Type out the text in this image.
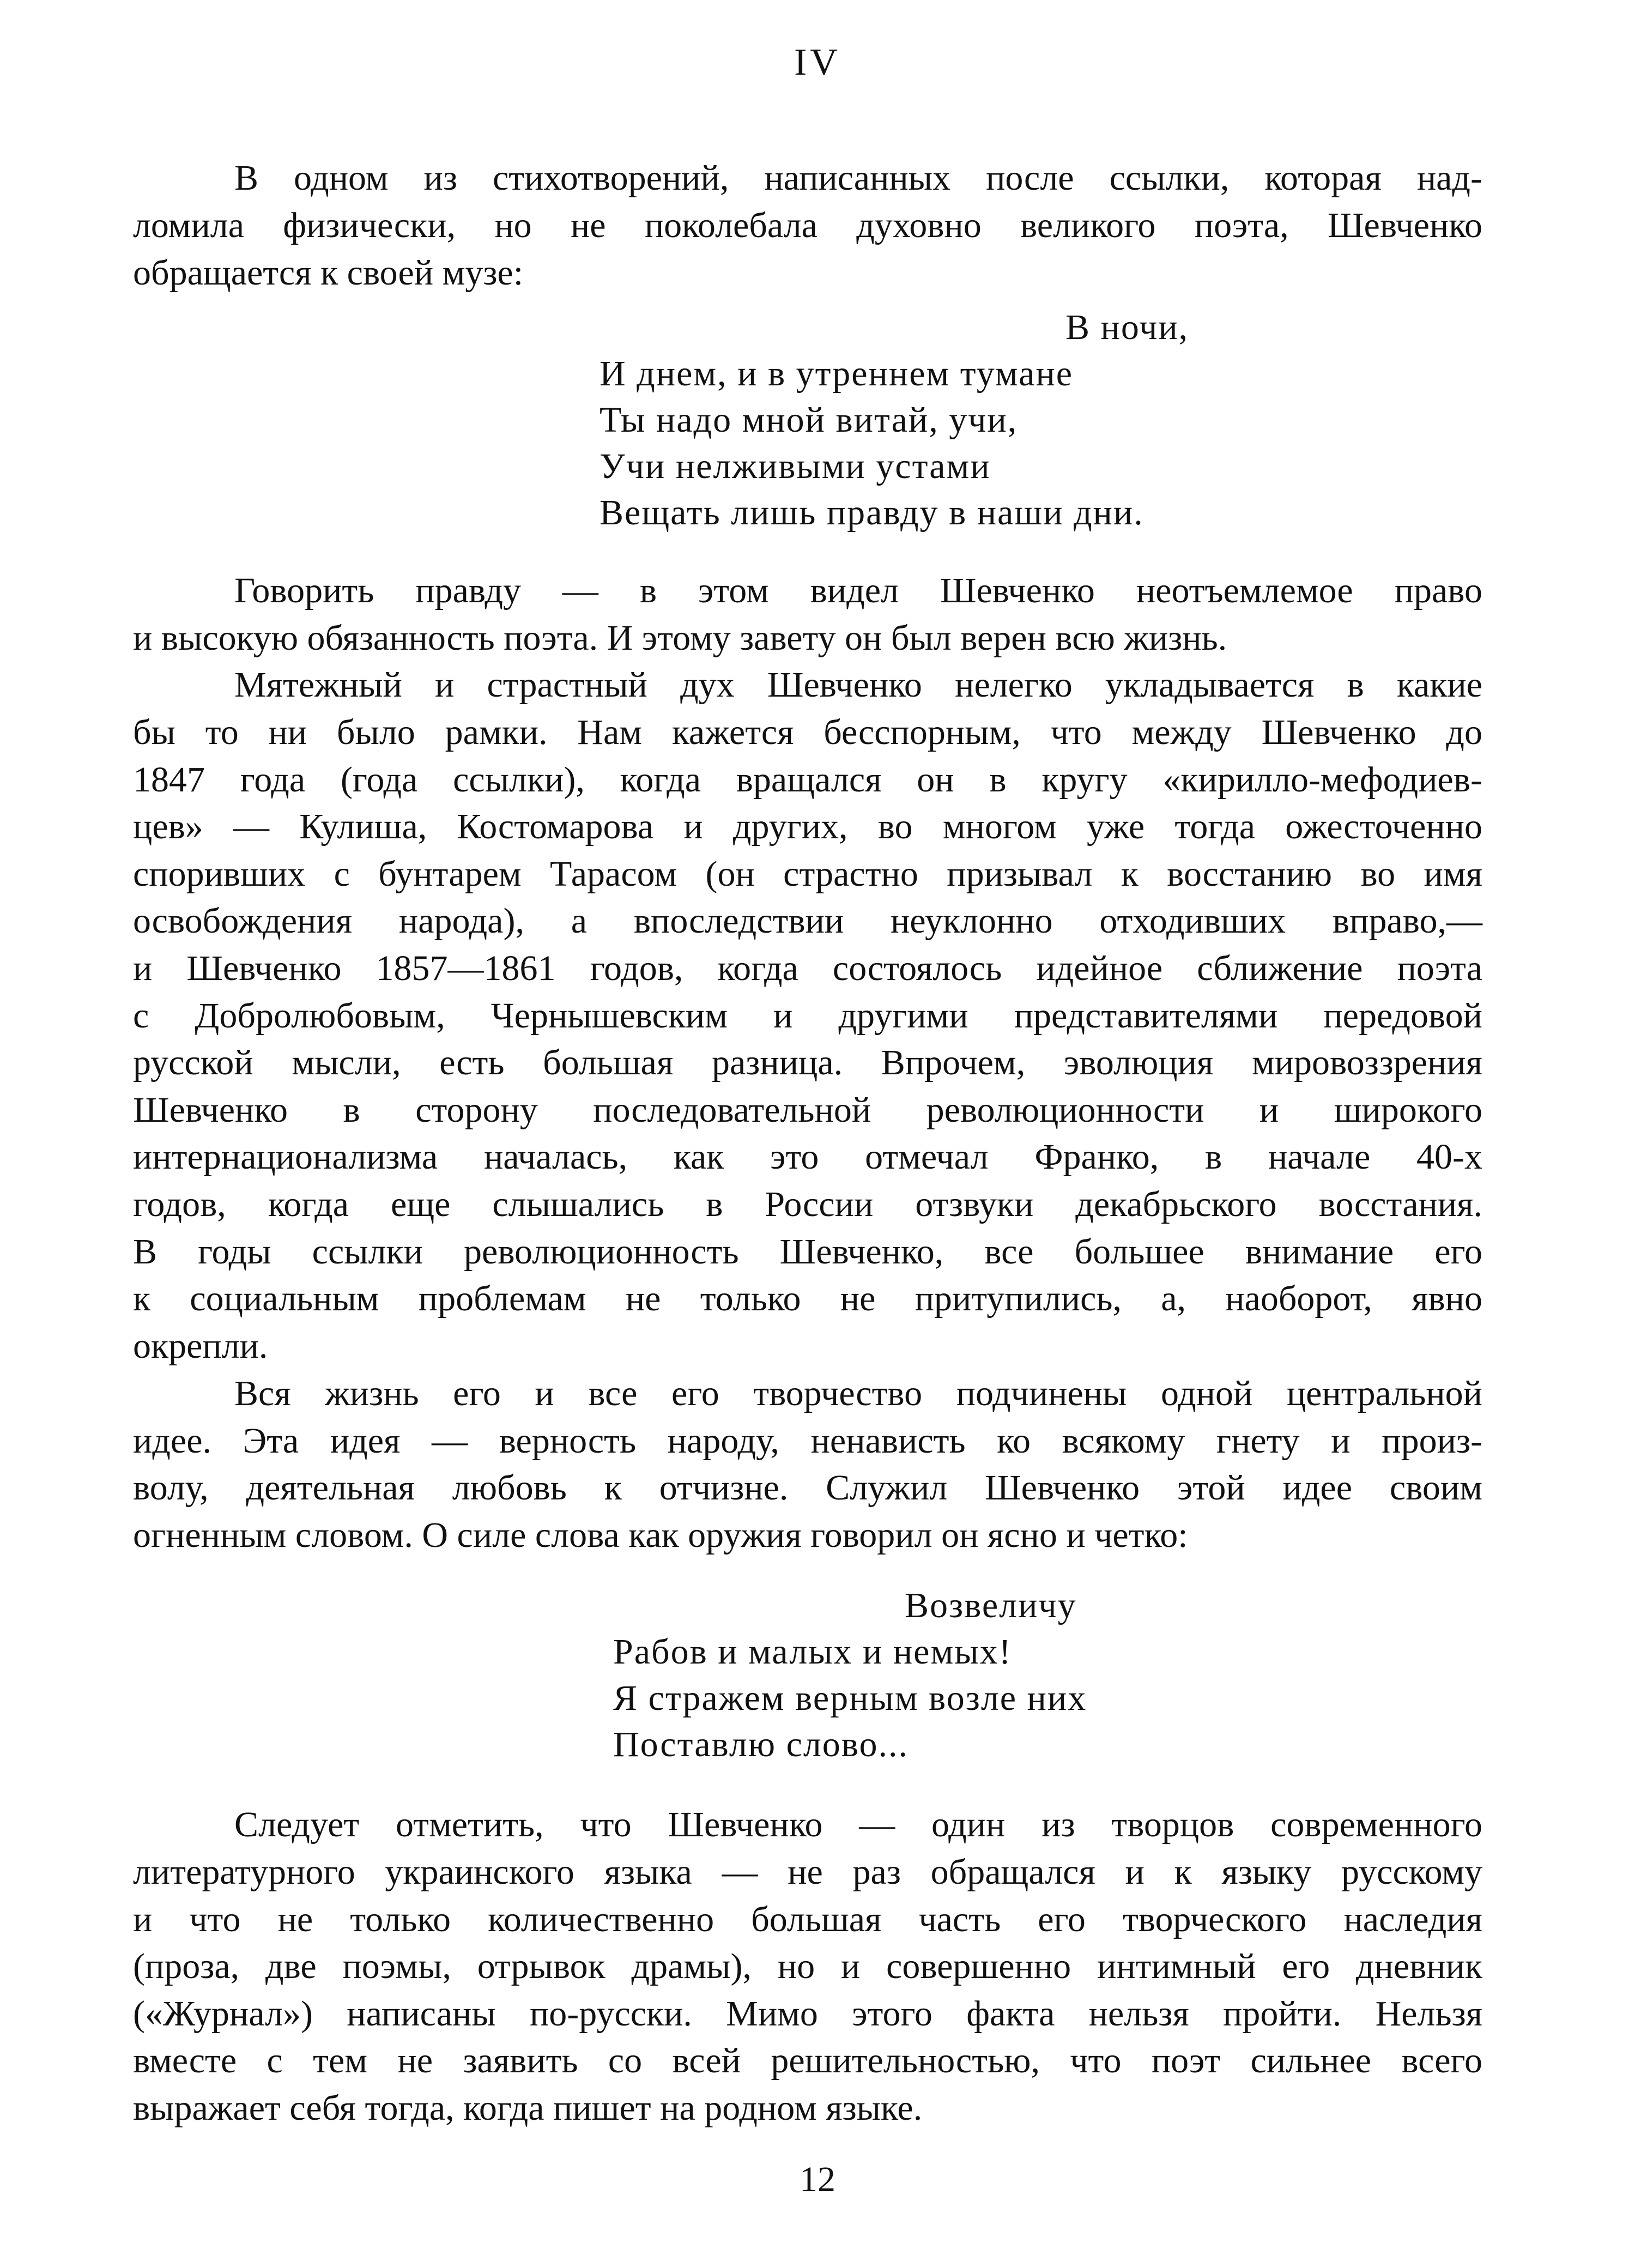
IV
В одном из стихотворений, написанных после ссылки, которая над-
ломила физически, но не поколебала духовно великого поэта, Шевченко
обращается к своей музе:
В ночи,
И днем, и в утреннем тумане
Ты надо мной витай, учи,
Учи нелживыми устами
Вещать лишь правду в наши дни.
Говорить правду — в этом видел Шевченко неотъемлемое право
и высокую обязанность поэта. И этому завету он был верен всю жизнь.
Мятежный и страстный дух Шевченко нелегко укладывается в какие
бы то ни было рамки. Нам кажется бесспорным, что между Шевченко до
1847 года (года ссылки), когда вращался он в кругу «кирилло-мефодиев-
цев» — Кулиша, Костомарова и других, во многом уже тогда ожесточенно
споривших с бунтарем Тарасом (он страстно призывал к восстанию во имя
освобождения народа), а впоследствии неуклонно отходивших вправо,—
и Шевченко 1857—1861 годов, когда состоялось идейное сближение поэта
с Добролюбовым, Чернышевским и другими представителями передовой
русской мысли, есть большая разница. Впрочем, эволюция мировоззрения
Шевченко в сторону последовательной революционности и широкого
интернационализма началась, как это отмечал Франко, в начале 40-х
годов, когда еще слышались в России отзвуки декабрьского восстания.
В годы ссылки революционность Шевченко, все большее внимание его
к социальным проблемам не только не притупились, а, наоборот, явно
окрепли.
Вся жизнь его и все его творчество подчинены одной центральной
идее. Эта идея — верность народу, ненависть ко всякому гнету и произ-
волу, деятельная любовь к отчизне. Служил Шевченко этой идее своим
огненным словом. О силе слова как оружия говорил он ясно и четко:
Возвеличу
Рабов и малых и немых!
Я стражем верным возле них
Поставлю слово...
Следует отметить, что Шевченко — один из творцов современного
литературного украинского языка — не раз обращался и к языку русскому
и что не только количественно большая часть его творческого наследия
(проза, две поэмы, отрывок драмы), но и совершенно интимный его дневник
(«Журнал») написаны по-русски. Мимо этого факта нельзя пройти. Нельзя
вместе с тем не заявить со всей решительностью, что поэт сильнее всего
выражает себя тогда, когда пишет на родном языке.
12
